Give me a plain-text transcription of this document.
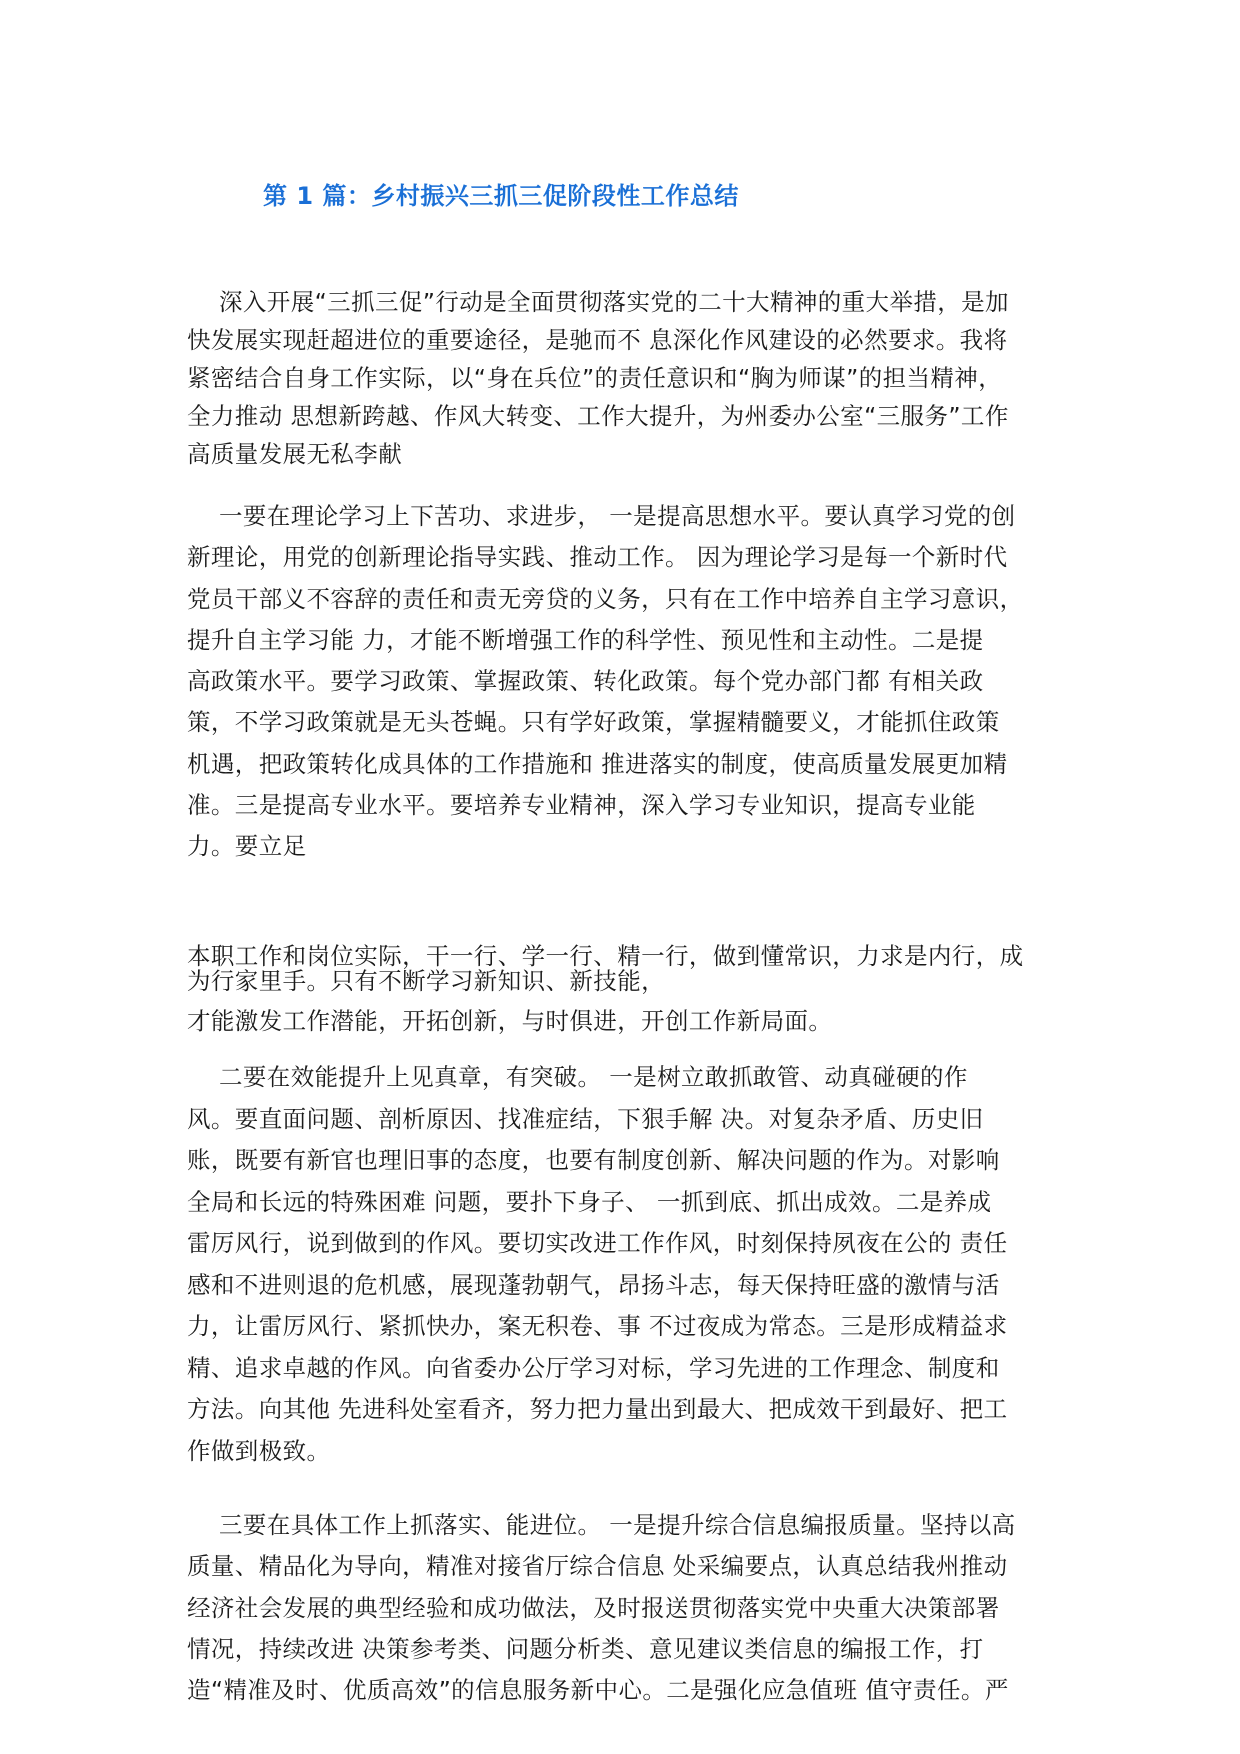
第 1 篇：乡村振兴三抓三促阶段性工作总结
深入开展“三抓三促”行动是全面贯彻落实党的二十大精神的重大举措，是加
快发展实现赶超进位的重要途径，是驰而不 息深化作风建设的必然要求。我将
紧密结合自身工作实际，以“身在兵位”的责任意识和“胸为师谋”的担当精神，
全力推动 思想新跨越、作风大转变、工作大提升，为州委办公室“三服务”工作
高质量发展无私李献
一要在理论学习上下苦功、求进步， 一是提高思想水平。要认真学习党的创
新理论，用党的创新理论指导实践、推动工作。 因为理论学习是每一个新时代
党员干部义不容辞的责任和责无旁贷的义务，只有在工作中培养自主学习意识，
提升自主学习能 力，才能不断增强工作的科学性、预见性和主动性。二是提
高政策水平。要学习政策、掌握政策、转化政策。每个党办部门都 有相关政
策，不学习政策就是无头苍蝇。只有学好政策，掌握精髓要义，才能抓住政策
机遇，把政策转化成具体的工作措施和 推进落实的制度，使高质量发展更加精
准。三是提高专业水平。要培养专业精神，深入学习专业知识，提高专业能
力。要立足
本职工作和岗位实际，干一行、学一行、精一行，做到懂常识，力求是内行，成
为行家里手。只有不断学习新知识、新技能，
才能激发工作潜能，开拓创新，与时俱进，开创工作新局面。
二要在效能提升上见真章，有突破。 一是树立敢抓敢管、动真碰硬的作
风。要直面问题、剖析原因、找准症结，下狠手解 决。对复杂矛盾、历史旧
账，既要有新官也理旧事的态度，也要有制度创新、解决问题的作为。对影响
全局和长远的特殊困难 问题，要扑下身子、 一抓到底、抓出成效。二是养成
雷厉风行，说到做到的作风。要切实改进工作作风，时刻保持夙夜在公的 责任
感和不进则退的危机感，展现蓬勃朝气，昂扬斗志，每天保持旺盛的激情与活
力，让雷厉风行、紧抓快办，案无积卷、事 不过夜成为常态。三是形成精益求
精、追求卓越的作风。向省委办公厅学习对标，学习先进的工作理念、制度和
方法。向其他 先进科处室看齐，努力把力量出到最大、把成效干到最好、把工
作做到极致。
三要在具体工作上抓落实、能进位。 一是提升综合信息编报质量。坚持以高
质量、精品化为导向，精准对接省厅综合信息 处采编要点，认真总结我州推动
经济社会发展的典型经验和成功做法，及时报送贯彻落实党中央重大决策部署
情况，持续改进 决策参考类、问题分析类、意见建议类信息的编报工作，打
造“精准及时、优质高效”的信息服务新中心。二是强化应急值班 值守责任。严
